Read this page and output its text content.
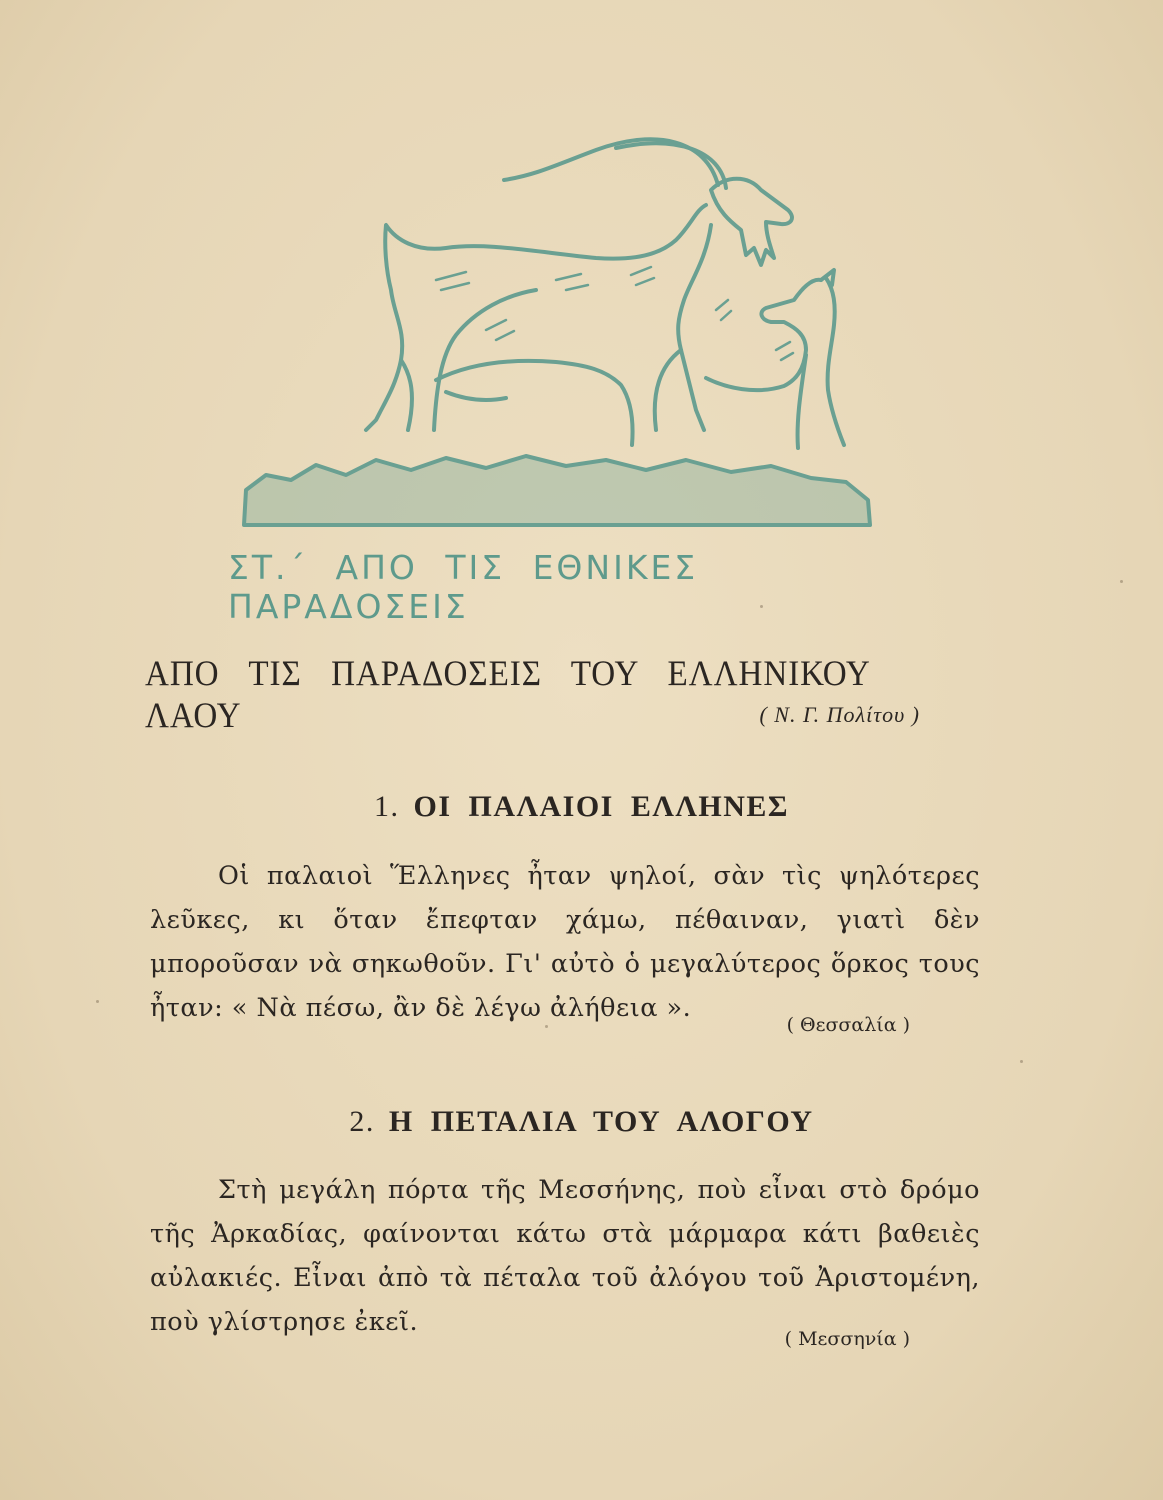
ΣΤ.΄ ΑΠΟ ΤΙΣ ΕΘΝΙΚΕΣ ΠΑΡΑΔΟΣΕΙΣ
ΑΠΟ ΤΙΣ ΠΑΡΑΔΟΣΕΙΣ ΤΟΥ ΕΛΛΗΝΙΚΟΥ ΛΑΟΥ	( Ν. Γ. Πολίτου )
1. ΟΙ ΠΑΛΑΙΟΙ ΕΛΛΗΝΕΣ

Οἱ παλαιοὶ Ἕλληνες ἦταν ψηλοί, σὰν τὶς ψηλότερες λεῦκες, κι ὅταν ἔπεφταν χάμω, πέθαιναν, γιατὶ δὲν μποροῦσαν νὰ σηκωθοῦν. Γι' αὐτὸ ὁ μεγαλύτερος ὅρκος τους ἦταν: « Νὰ πέσω, ἂν δὲ λέγω ἀλήθεια ».

( Θεσσαλία )
2. Η ΠΕΤΑΛΙΑ ΤΟΥ ΑΛΟΓΟΥ

Στὴ μεγάλη πόρτα τῆς Μεσσήνης, ποὺ εἶναι στὸ δρόμο τῆς Ἀρκαδίας, φαίνονται κάτω στὰ μάρμαρα κάτι βαθειὲς αὐλακιές. Εἶναι ἀπὸ τὰ πέταλα τοῦ ἀλόγου τοῦ Ἀριστομένη, ποὺ γλίστρησε ἐκεῖ.

( Μεσσηνία )
